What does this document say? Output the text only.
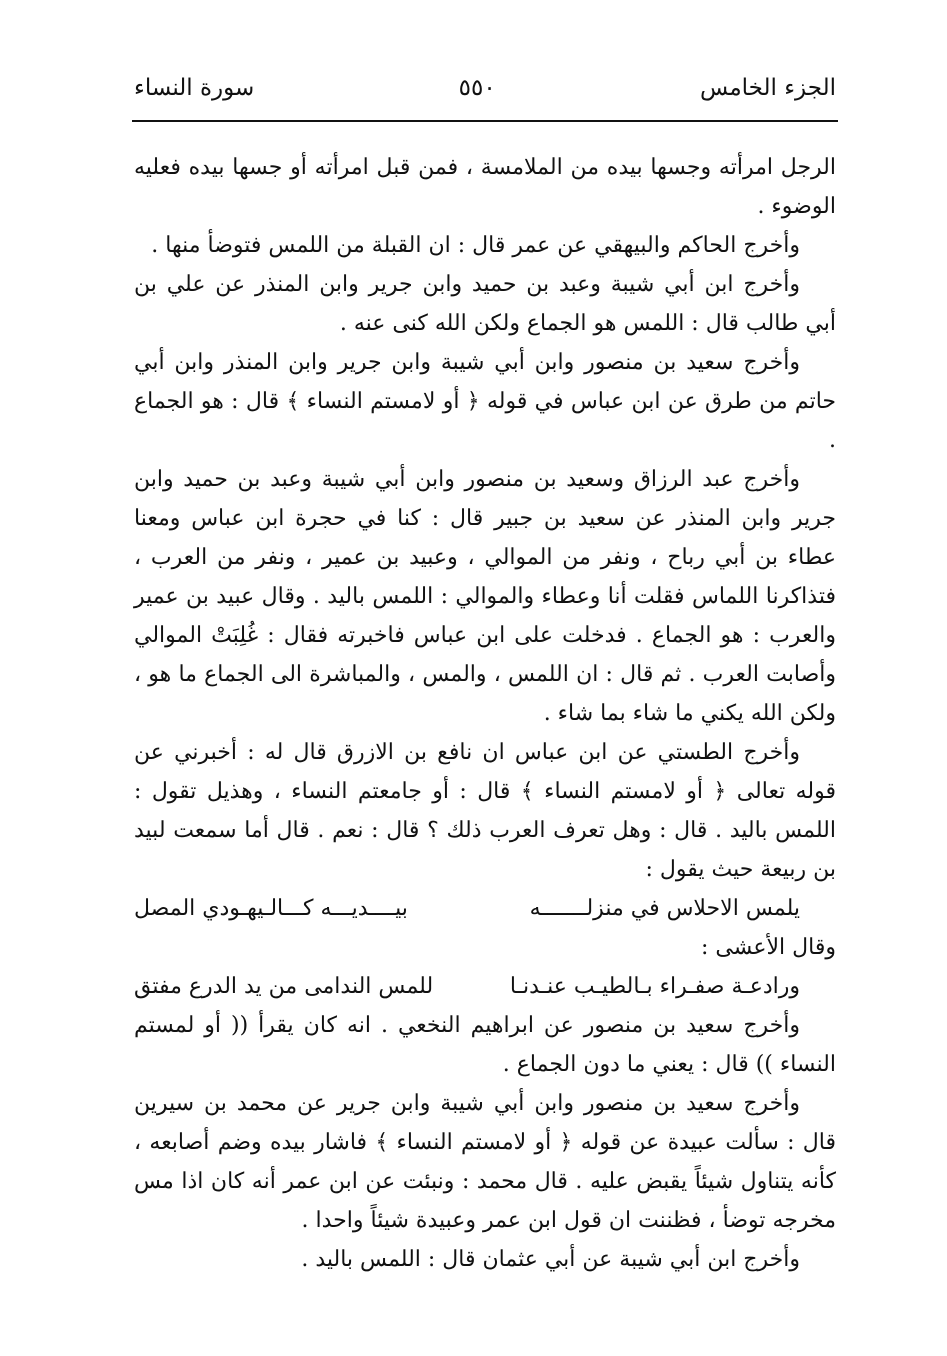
الجزء الخامس
٥٥٠
سورة النساء

الرجل امرأته وجسها بيده من الملامسة ، فمن قبل امرأته أو جسها بيده فعليه الوضوء .

وأخرج الحاكم والبيهقي عن عمر قال : ان القبلة من اللمس فتوضأ منها .

وأخرج ابن أبي شيبة وعبد بن حميد وابن جرير وابن المنذر عن علي بن أبي طالب قال : اللمس هو الجماع ولكن الله كنى عنه .

وأخرج سعيد بن منصور وابن أبي شيبة وابن جرير وابن المنذر وابن أبي حاتم من طرق عن ابن عباس في قوله ﴿ أو لامستم النساء ﴾ قال : هو الجماع .

وأخرج عبد الرزاق وسعيد بن منصور وابن أبي شيبة وعبد بن حميد وابن جرير وابن المنذر عن سعيد بن جبير قال : كنا في حجرة ابن عباس ومعنا عطاء بن أبي رباح ، ونفر من الموالي ، وعبيد بن عمير ، ونفر من العرب ، فتذاكرنا اللماس فقلت أنا وعطاء والموالي : اللمس باليد . وقال عبيد بن عمير والعرب : هو الجماع . فدخلت على ابن عباس فاخبرته فقال : غُلِبَتْ الموالي وأصابت العرب . ثم قال : ان اللمس ، والمس ، والمباشرة الى الجماع ما هو ، ولكن الله يكني ما شاء بما شاء .

وأخرج الطستي عن ابن عباس ان نافع بن الازرق قال له : أخبرني عن قوله تعالى ﴿ أو لامستم النساء ﴾ قال : أو جامعتم النساء ، وهذيل تقول : اللمس باليد . قال : وهل تعرف العرب ذلك ؟ قال : نعم . قال أما سمعت لبيد بن ربيعة حيث يقول :

يلمس الاحلاس في منزلـــــــه
بيــــديـــه كـــالـيهـودي المصل

وقال الأعشى :

ورادعـة صفـراء بـالطيـب عنـدنـا
للمس الندامى من يد الدرع مفتق

وأخرج سعيد بن منصور عن ابراهيم النخعي . انه كان يقرأ (( أو لمستم النساء )) قال : يعني ما دون الجماع .

وأخرج سعيد بن منصور وابن أبي شيبة وابن جرير عن محمد بن سيرين قال : سألت عبيدة عن قوله ﴿ أو لامستم النساء ﴾ فاشار بيده وضم أصابعه ، كأنه يتناول شيئاً يقبض عليه . قال محمد : ونبئت عن ابن عمر أنه كان اذا مس مخرجه توضأ ، فظننت ان قول ابن عمر وعبيدة شيئاً واحدا .

وأخرج ابن أبي شيبة عن أبي عثمان قال : اللمس باليد .
